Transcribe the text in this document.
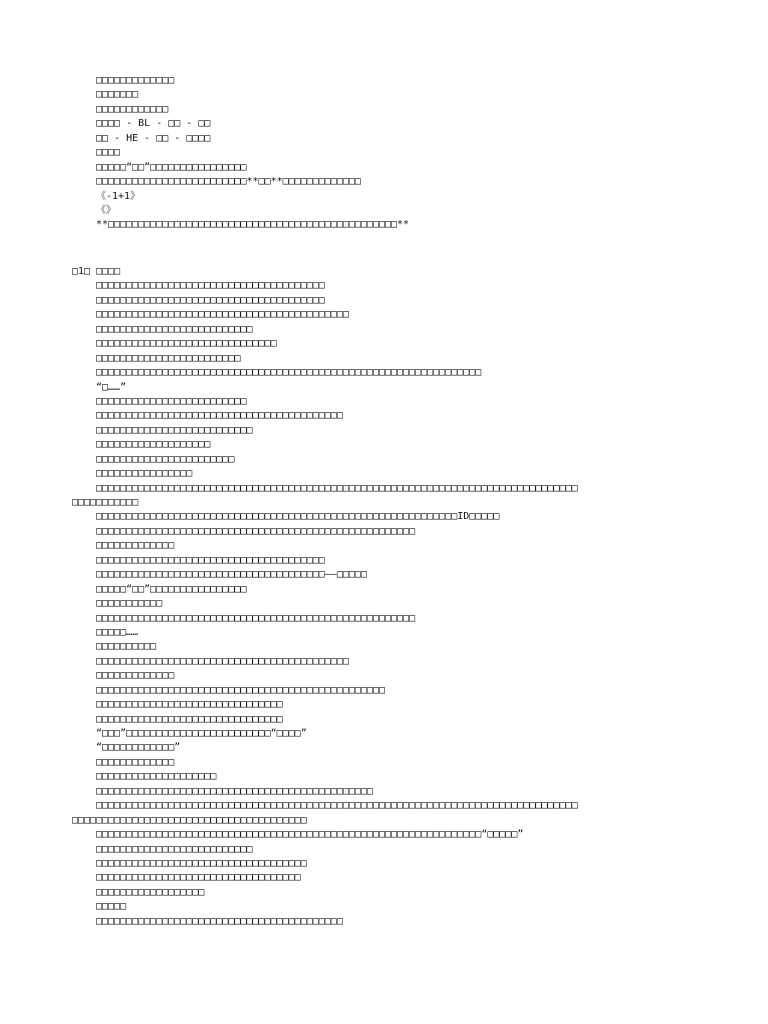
□□□□□□□□□□□□□
□□□□□□□
□□□□□□□□□□□□
□□□□ - BL - □□ - □□
□□ - HE - □□ - □□□□
□□□□
□□□□□“□□”□□□□□□□□□□□□□□□□
□□□□□□□□□□□□□□□□□□□□□□□□□**□□**□□□□□□□□□□□□□
《-1+1》
《》
**□□□□□□□□□□□□□□□□□□□□□□□□□□□□□□□□□□□□□□□□□□□□□□□□**
□1□ □□□□
□□□□□□□□□□□□□□□□□□□□□□□□□□□□□□□□□□□□□□
□□□□□□□□□□□□□□□□□□□□□□□□□□□□□□□□□□□□□□
□□□□□□□□□□□□□□□□□□□□□□□□□□□□□□□□□□□□□□□□□□
□□□□□□□□□□□□□□□□□□□□□□□□□□
□□□□□□□□□□□□□□□□□□□□□□□□□□□□□□
□□□□□□□□□□□□□□□□□□□□□□□□
□□□□□□□□□□□□□□□□□□□□□□□□□□□□□□□□□□□□□□□□□□□□□□□□□□□□□□□□□□□□□□□□
“□……”
□□□□□□□□□□□□□□□□□□□□□□□□□
□□□□□□□□□□□□□□□□□□□□□□□□□□□□□□□□□□□□□□□□□
□□□□□□□□□□□□□□□□□□□□□□□□□□
□□□□□□□□□□□□□□□□□□□
□□□□□□□□□□□□□□□□□□□□□□□
□□□□□□□□□□□□□□□□
□□□□□□□□□□□□□□□□□□□□□□□□□□□□□□□□□□□□□□□□□□□□□□□□□□□□□□□□□□□□□□□□□□□□□□□□□□□□□□□□
□□□□□□□□□□□
□□□□□□□□□□□□□□□□□□□□□□□□□□□□□□□□□□□□□□□□□□□□□□□□□□□□□□□□□□□□ID□□□□□
□□□□□□□□□□□□□□□□□□□□□□□□□□□□□□□□□□□□□□□□□□□□□□□□□□□□□
□□□□□□□□□□□□□
□□□□□□□□□□□□□□□□□□□□□□□□□□□□□□□□□□□□□□
□□□□□□□□□□□□□□□□□□□□□□□□□□□□□□□□□□□□□□——□□□□□
□□□□□“□□”□□□□□□□□□□□□□□□□
□□□□□□□□□□□
□□□□□□□□□□□□□□□□□□□□□□□□□□□□□□□□□□□□□□□□□□□□□□□□□□□□□
□□□□□……
□□□□□□□□□□
□□□□□□□□□□□□□□□□□□□□□□□□□□□□□□□□□□□□□□□□□□
□□□□□□□□□□□□□
□□□□□□□□□□□□□□□□□□□□□□□□□□□□□□□□□□□□□□□□□□□□□□□□
□□□□□□□□□□□□□□□□□□□□□□□□□□□□□□□
□□□□□□□□□□□□□□□□□□□□□□□□□□□□□□□
“□□□”□□□□□□□□□□□□□□□□□□□□□□□□“□□□□”
“□□□□□□□□□□□□”
□□□□□□□□□□□□□
□□□□□□□□□□□□□□□□□□□□
□□□□□□□□□□□□□□□□□□□□□□□□□□□□□□□□□□□□□□□□□□□□□□
□□□□□□□□□□□□□□□□□□□□□□□□□□□□□□□□□□□□□□□□□□□□□□□□□□□□□□□□□□□□□□□□□□□□□□□□□□□□□□□□
□□□□□□□□□□□□□□□□□□□□□□□□□□□□□□□□□□□□□□□
□□□□□□□□□□□□□□□□□□□□□□□□□□□□□□□□□□□□□□□□□□□□□□□□□□□□□□□□□□□□□□□□“□□□□□”
□□□□□□□□□□□□□□□□□□□□□□□□□□
□□□□□□□□□□□□□□□□□□□□□□□□□□□□□□□□□□□
□□□□□□□□□□□□□□□□□□□□□□□□□□□□□□□□□□
□□□□□□□□□□□□□□□□□□
□□□□□
□□□□□□□□□□□□□□□□□□□□□□□□□□□□□□□□□□□□□□□□□
